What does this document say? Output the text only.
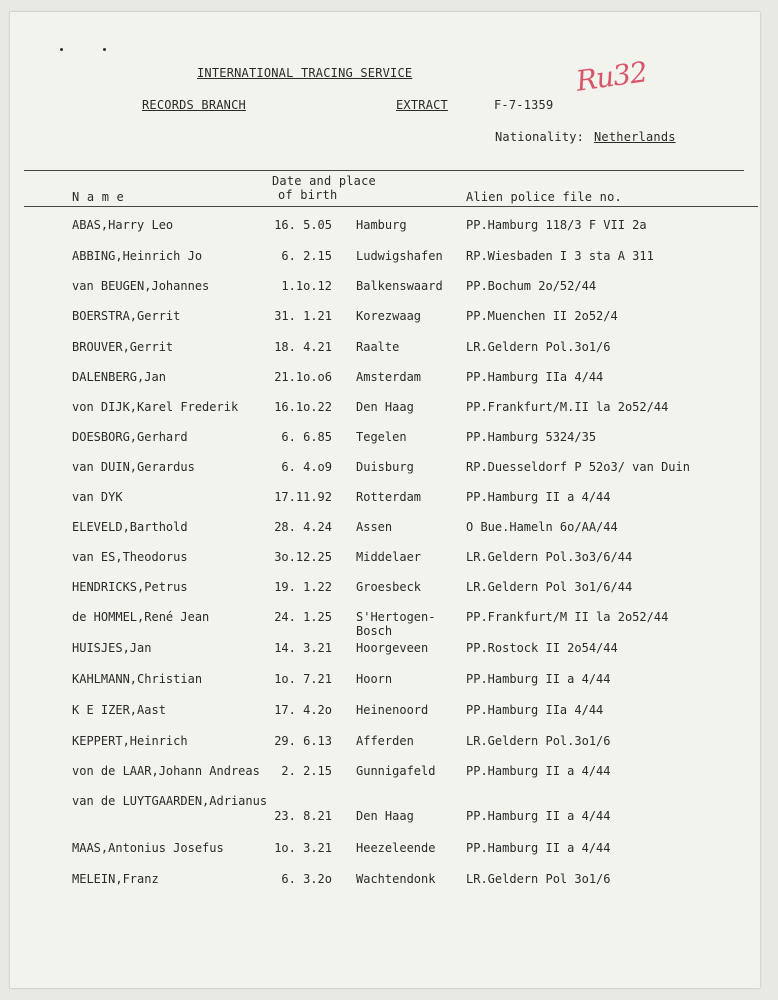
INTERNATIONAL TRACING SERVICE
RECORDS BRANCH	EXTRACT	F-7-1359
Ru32
Nationality: Netherlands
Date and place
of birth
N a m e	Alien police file no.
ABAS,Harry Leo	16. 5.05 Hamburg	PP.Hamburg 118/3 F VII 2a
ABBING,Heinrich Jo	6. 2.15 Ludwigshafen RP.Wiesbaden I 3 sta A 311
van BEUGEN,Johannes	1.1o.12 Balkenswaard PP.Bochum 2o/52/44
BOERSTRA,Gerrit	31. 1.21 Korezwaag	PP.Muenchen II 2o52/4
BROUVER,Gerrit	18. 4.21 Raalte	LR.Geldern Pol.3o1/6
DALENBERG,Jan	21.1o.o6 Amsterdam	PP.Hamburg IIa 4/44
von DIJK,Karel Frederik	16.1o.22 Den Haag	PP.Frankfurt/M.II la 2o52/44
DOESBORG,Gerhard	6. 6.85 Tegelen	PP.Hamburg 5324/35
van DUIN,Gerardus	6. 4.o9 Duisburg	RP.Duesseldorf P 52o3/ van Duin
van DYK	17.11.92 Rotterdam	PP.Hamburg II a 4/44
ELEVELD,Barthold	28. 4.24 Assen	O Bue.Hameln 6o/AA/44
van ES,Theodorus	3o.12.25 Middelaer	LR.Geldern Pol.3o3/6/44
HENDRICKS,Petrus	19. 1.22 Groesbeck	LR.Geldern Pol 3o1/6/44
de HOMMEL,René Jean	24. 1.25 S'Hertogen-	PP.Frankfurt/M II la 2o52/44
Bosch
HUISJES,Jan	14. 3.21 Hoorgeveen	PP.Rostock II 2o54/44
KAHLMANN,Christian	1o. 7.21 Hoorn	PP.Hamburg II a 4/44
K E IZER,Aast	17. 4.2o Heinenoord	PP.Hamburg IIa 4/44
KEPPERT,Heinrich	29. 6.13 Afferden	LR.Geldern Pol.3o1/6
von de LAAR,Johann Andreas	2. 2.15 Gunnigafeld	PP.Hamburg II a 4/44
van de LUYTGAARDEN,Adrianus
23. 8.21 Den Haag	PP.Hamburg II a 4/44
MAAS,Antonius Josefus	1o. 3.21 Heezeleende	PP.Hamburg II a 4/44
MELEIN,Franz	6. 3.2o Wachtendonk	LR.Geldern Pol 3o1/6
